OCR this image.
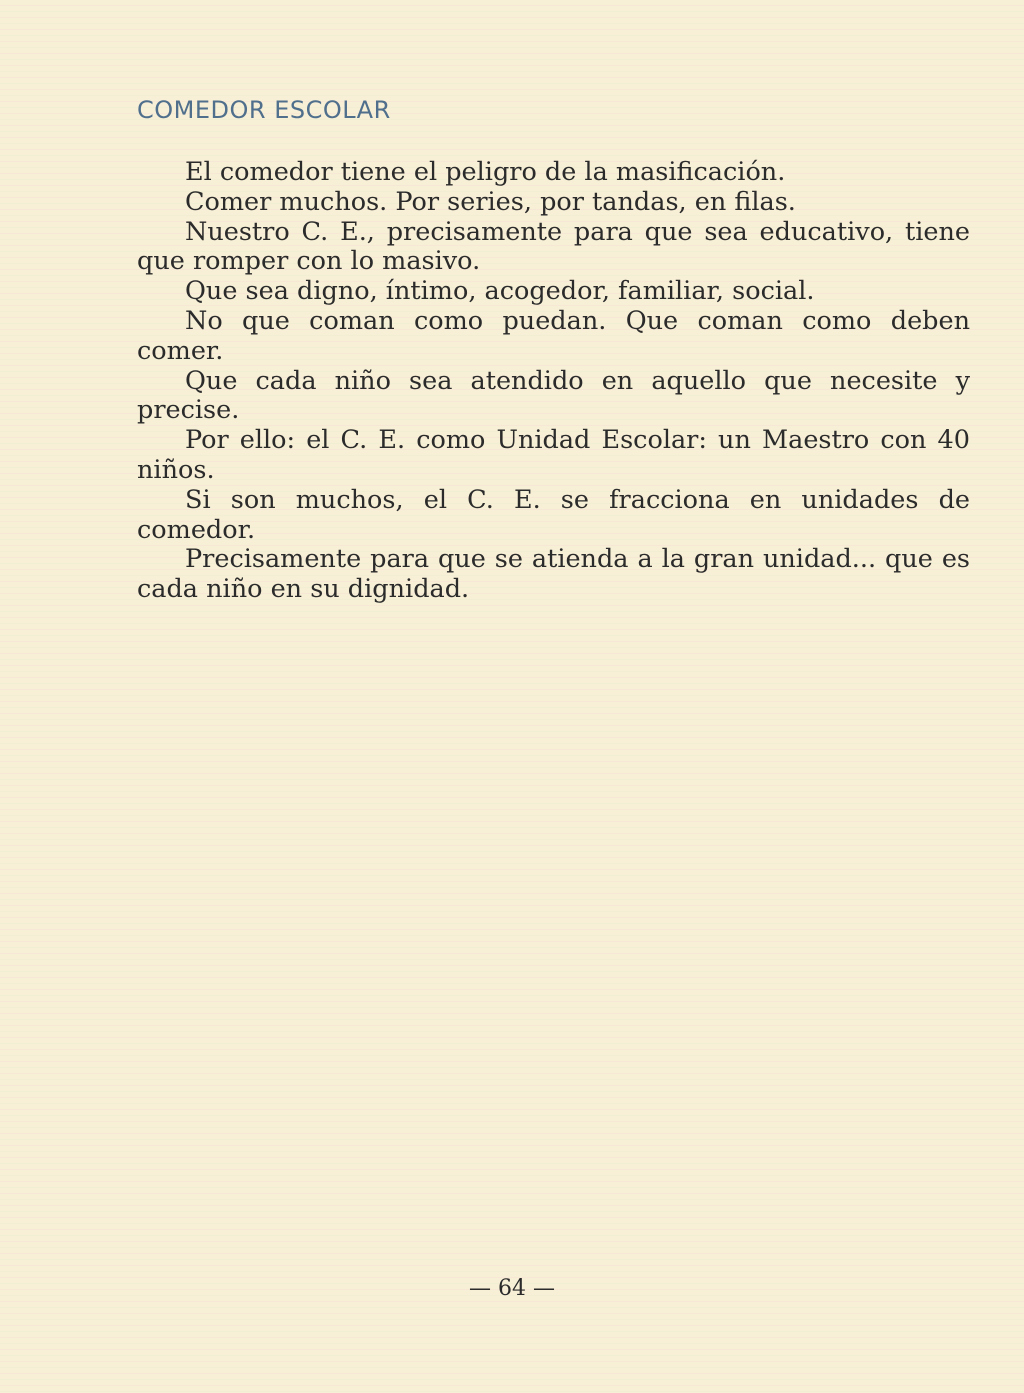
COMEDOR ESCOLAR

El comedor tiene el peligro de la masificación.

Comer muchos. Por series, por tandas, en filas.

Nuestro C. E., precisamente para que sea educativo, tiene que romper con lo masivo.

Que sea digno, íntimo, acogedor, familiar, social.

No que coman como puedan. Que coman como deben comer.

Que cada niño sea atendido en aquello que necesite y precise.

Por ello: el C. E. como Unidad Escolar: un Maestro con 40 niños.

Si son muchos, el C. E. se fracciona en unidades de comedor.

Precisamente para que se atienda a la gran unidad... que es cada niño en su dignidad.

— 64 —
